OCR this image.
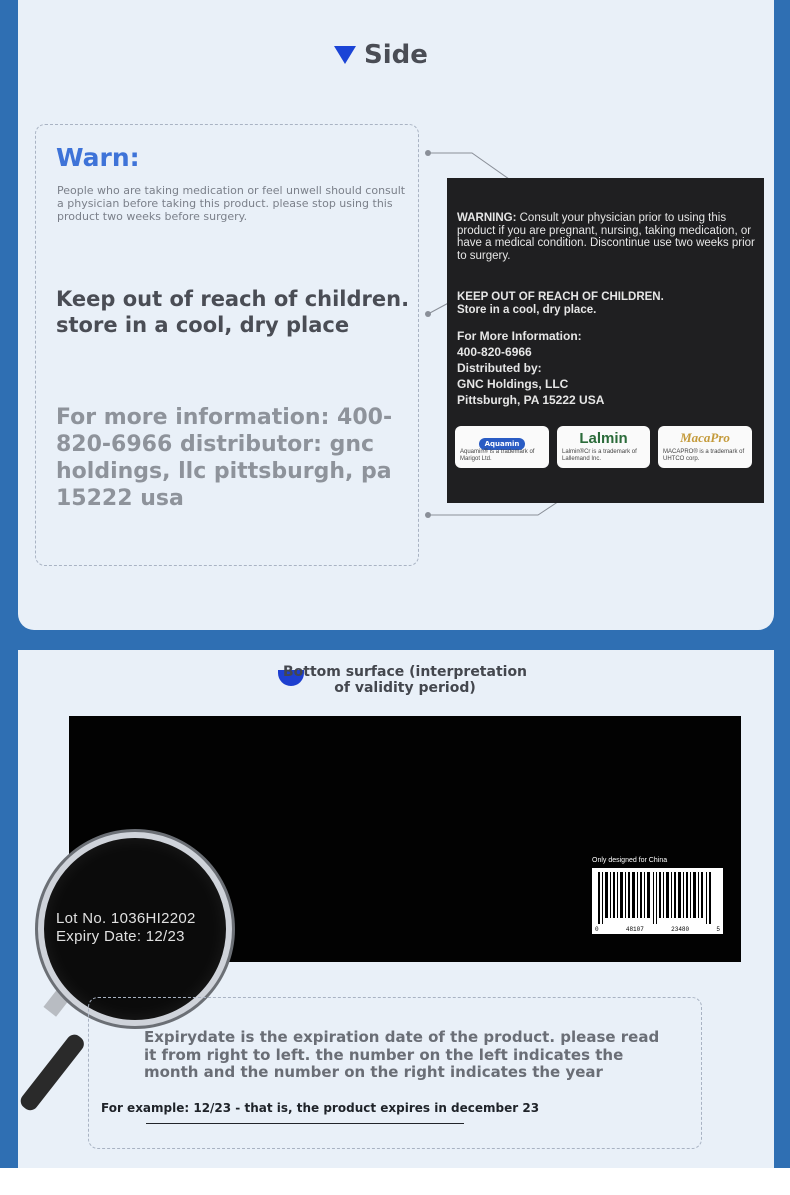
Side
Warn:
People who are taking medication or feel unwell should consult a physician before taking this product. please stop using this product two weeks before surgery.
Keep out of reach of children. store in a cool, dry place
For more information: 400-820-6966 distributor: gnc holdings, llc pittsburgh, pa 15222 usa
WARNING: Consult your physician prior to using this product if you are pregnant, nursing, taking medication, or have a medical condition. Discontinue use two weeks prior to surgery.
KEEP OUT OF REACH OF CHILDREN.
Store in a cool, dry place.
For More Information:
400-820-6966
Distributed by:
GNC Holdings, LLC
Pittsburgh, PA 15222 USA
Aquamin
Aquamin® is a trademark of Marigot Ltd.
Lalmin
Lalmin®Cr is a trademark of Lallemand Inc.
MacaPro
MACAPRO® is a trademark of UHTCO corp.
Bottom surface (interpretation of validity period)
Only designed for China
0	48107	23480	5
Lot No. 1036HI2202
Expiry Date: 12/23
Expirydate is the expiration date of the product. please read it from right to left. the number on the left indicates the month and the number on the right indicates the year
For example: 12/23 - that is, the product expires in december 23
